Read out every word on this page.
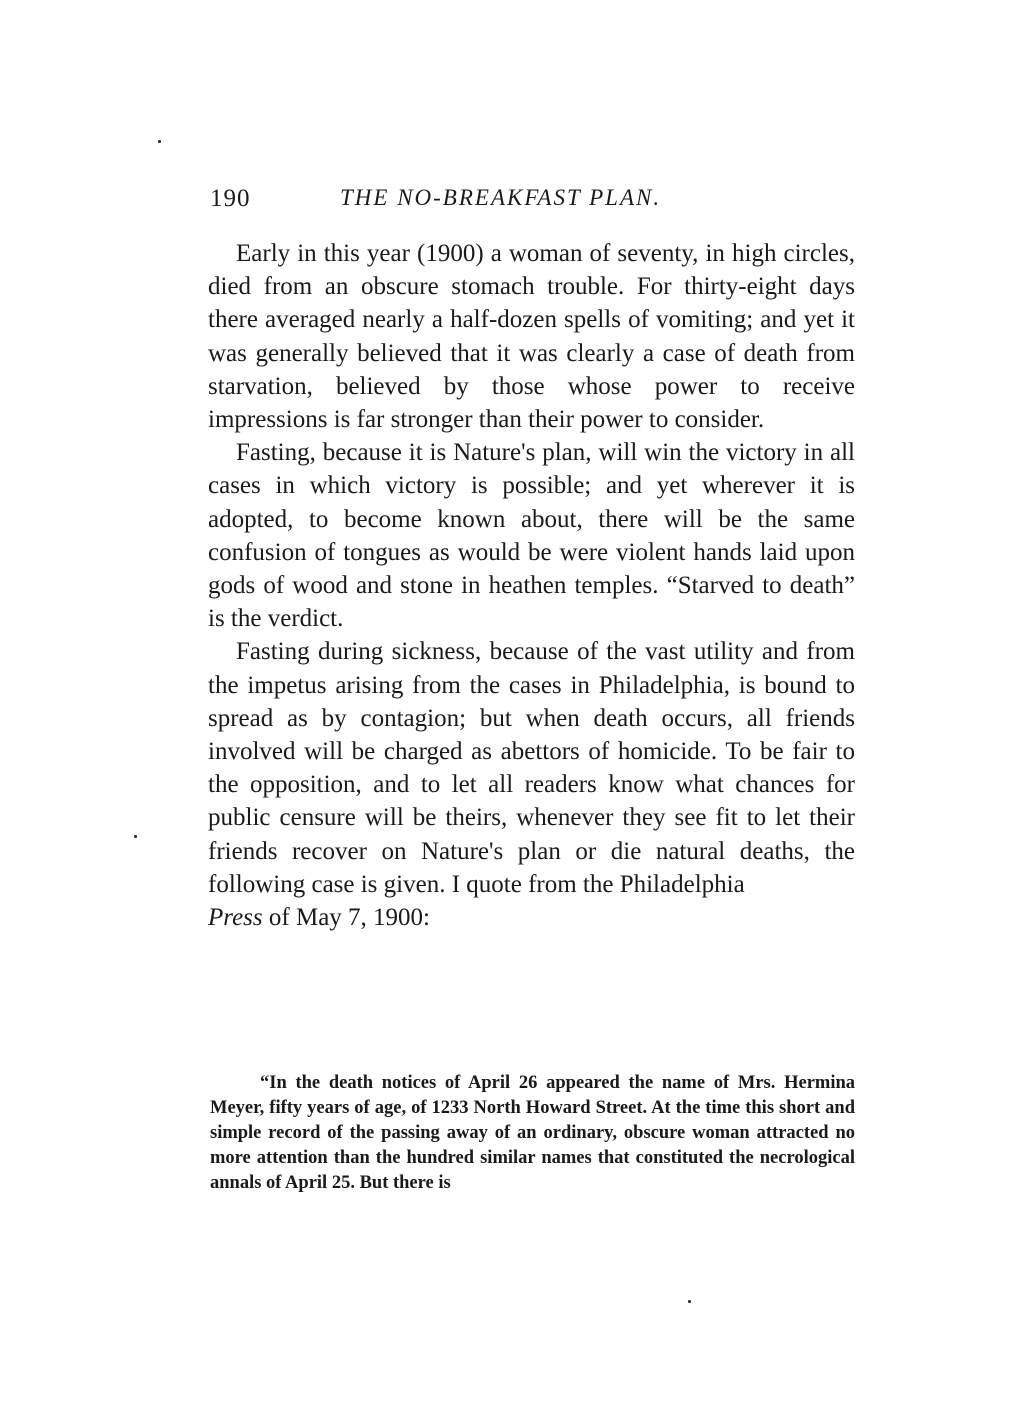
190	THE NO-BREAKFAST PLAN.

Early in this year (1900) a woman of seventy, in high circles, died from an obscure stomach trouble. For thirty-eight days there averaged nearly a half-dozen spells of vomiting; and yet it was generally believed that it was clearly a case of death from starvation, believed by those whose power to receive impressions is far stronger than their power to consider.

Fasting, because it is Nature's plan, will win the victory in all cases in which victory is possible; and yet wherever it is adopted, to become known about, there will be the same confusion of tongues as would be were violent hands laid upon gods of wood and stone in heathen temples. “Starved to death” is the verdict.

Fasting during sickness, because of the vast utility and from the impetus arising from the cases in Philadelphia, is bound to spread as by contagion; but when death occurs, all friends involved will be charged as abettors of homicide. To be fair to the opposition, and to let all readers know what chances for public censure will be theirs, whenever they see fit to let their friends recover on Nature's plan or die natural deaths, the following case is given. I quote from the Philadelphia
Press of May 7, 1900:

“In the death notices of April 26 appeared the name of Mrs. Hermina Meyer, fifty years of age, of 1233 North Howard Street. At the time this short and simple record of the passing away of an ordinary, obscure woman attracted no more attention than the hundred similar names that constituted the necrological annals of April 25. But there is
